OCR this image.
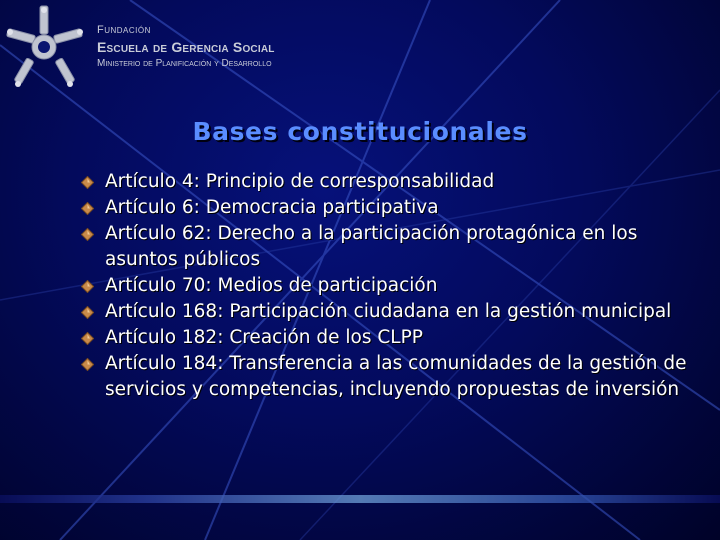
Fundación
Escuela de Gerencia Social
Ministerio de Planificación y Desarrollo
Bases constitucionales
Artículo 4: Principio de corresponsabilidad
Artículo 6: Democracia participativa
Artículo 62: Derecho a la participación protagónica en los asuntos públicos
Artículo 70: Medios de participación
Artículo 168: Participación ciudadana en la gestión municipal
Artículo 182: Creación de los CLPP
Artículo 184: Transferencia a las comunidades de la gestión de servicios y competencias, incluyendo propuestas de inversión
